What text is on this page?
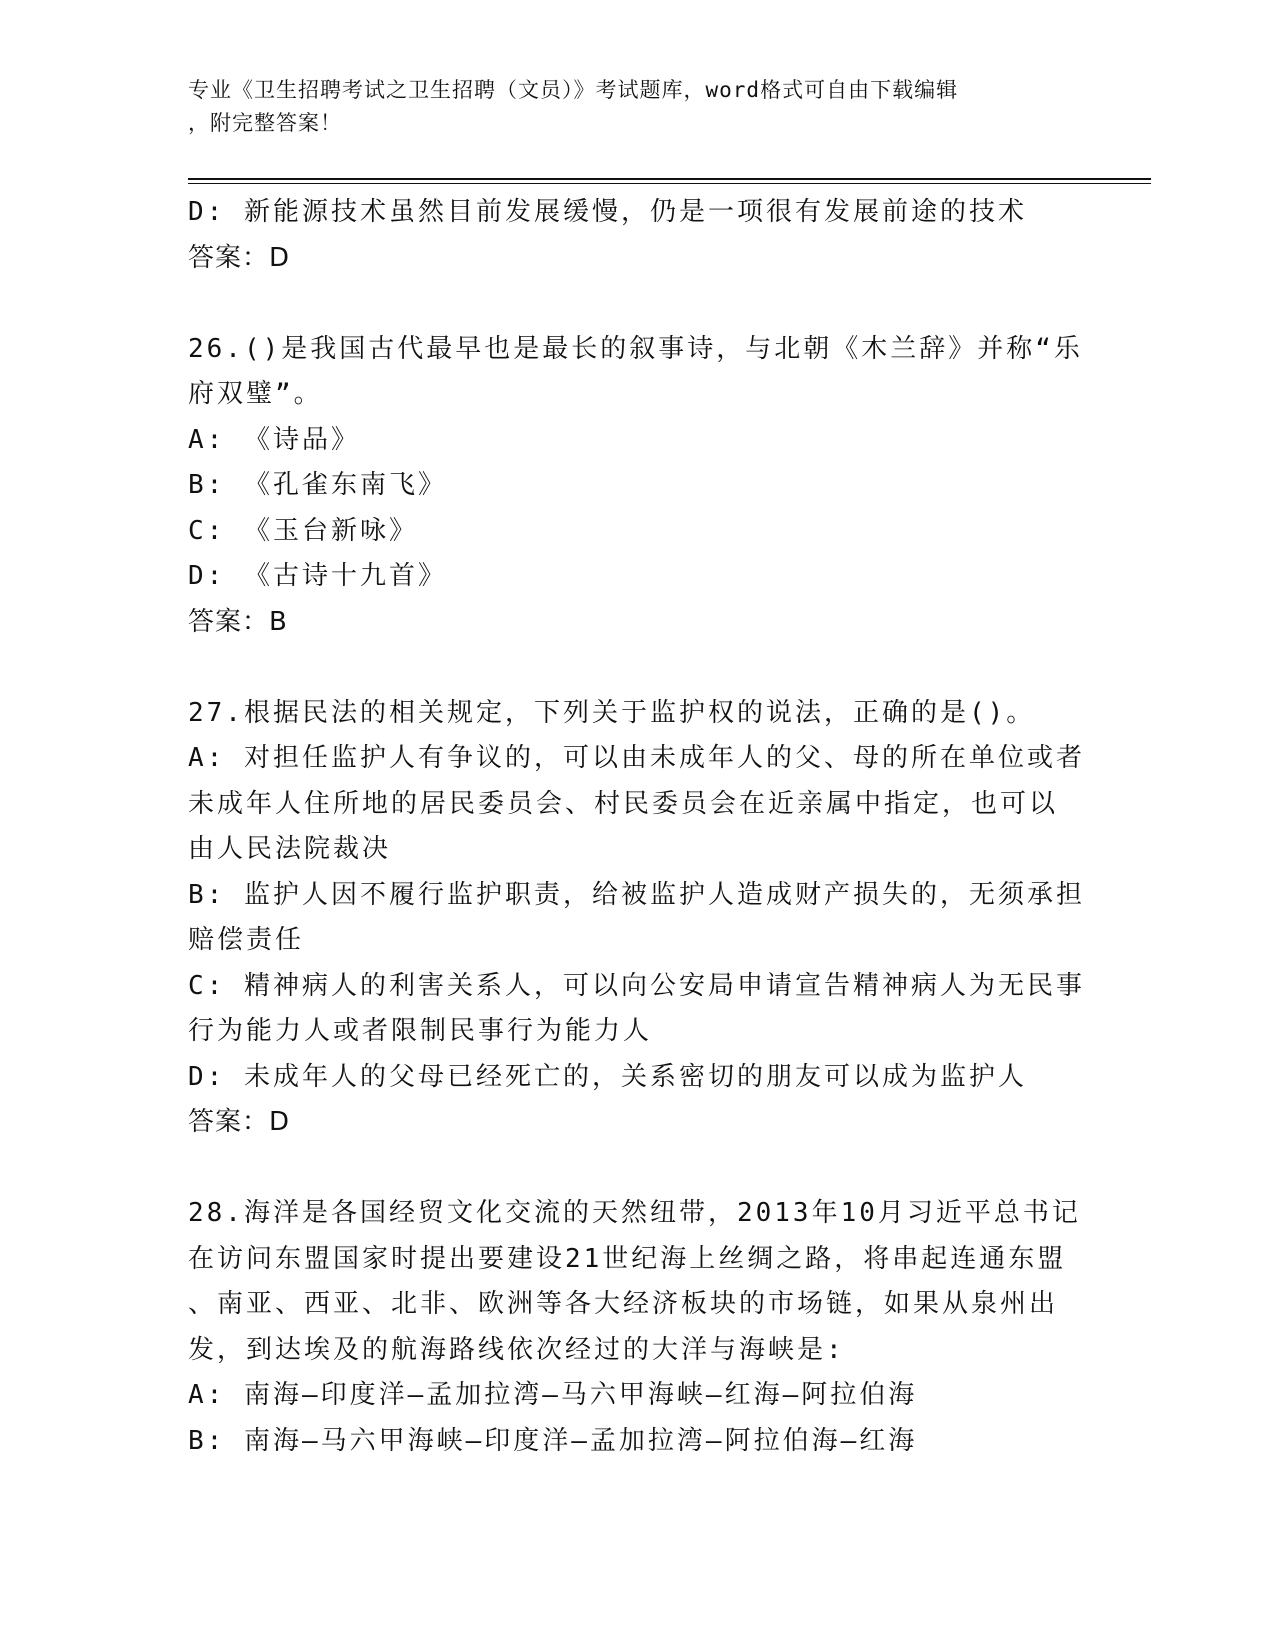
专业《卫生招聘考试之卫生招聘（文员）》考试题库，word格式可自由下载编辑
，附完整答案！

D: 新能源技术虽然目前发展缓慢，仍是一项很有发展前途的技术

答案：D

26.()是我国古代最早也是最长的叙事诗，与北朝《木兰辞》并称“乐

府双璧”。

A: 《诗品》

B: 《孔雀东南飞》

C: 《玉台新咏》

D: 《古诗十九首》

答案：B

27.根据民法的相关规定，下列关于监护权的说法，正确的是()。

A: 对担任监护人有争议的，可以由未成年人的父、母的所在单位或者

未成年人住所地的居民委员会、村民委员会在近亲属中指定，也可以

由人民法院裁决

B: 监护人因不履行监护职责，给被监护人造成财产损失的，无须承担

赔偿责任

C: 精神病人的利害关系人，可以向公安局申请宣告精神病人为无民事

行为能力人或者限制民事行为能力人

D: 未成年人的父母已经死亡的，关系密切的朋友可以成为监护人

答案：D

28.海洋是各国经贸文化交流的天然纽带，2013年10月习近平总书记

在访问东盟国家时提出要建设21世纪海上丝绸之路，将串起连通东盟

、南亚、西亚、北非、欧洲等各大经济板块的市场链，如果从泉州出

发，到达埃及的航海路线依次经过的大洋与海峡是:

A: 南海—印度洋—孟加拉湾—马六甲海峡—红海—阿拉伯海

B: 南海—马六甲海峡—印度洋—孟加拉湾—阿拉伯海—红海
